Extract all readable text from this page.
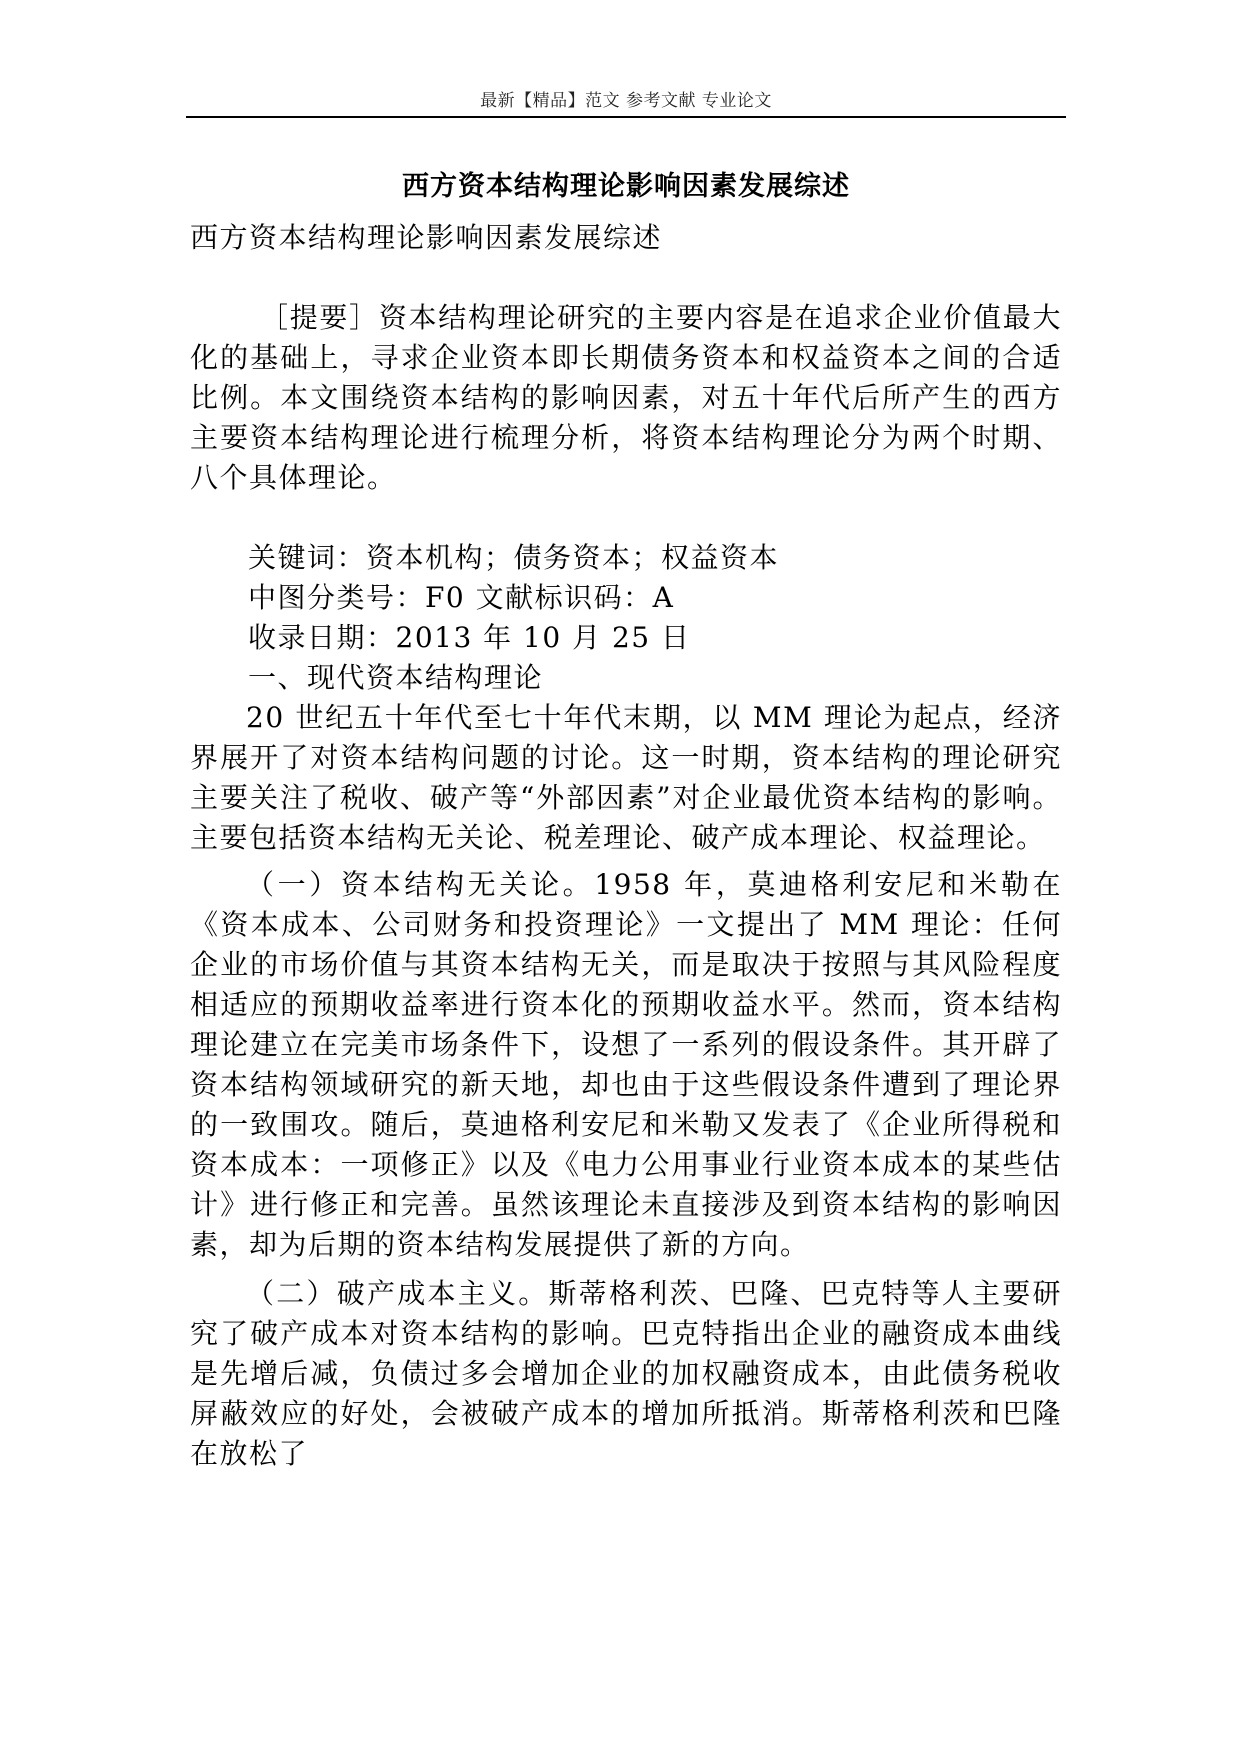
最新【精品】范文 参考文献 专业论文
西方资本结构理论影响因素发展综述

西方资本结构理论影响因素发展综述

［提要］资本结构理论研究的主要内容是在追求企业价值最大化的基础上，寻求企业资本即长期债务资本和权益资本之间的合适比例。本文围绕资本结构的影响因素，对五十年代后所产生的西方主要资本结构理论进行梳理分析，将资本结构理论分为两个时期、八个具体理论。

关键词：资本机构；债务资本；权益资本

中图分类号：F0 文献标识码：A

收录日期：2013 年 10 月 25 日

一、现代资本结构理论

20 世纪五十年代至七十年代末期，以 MM 理论为起点，经济界展开了对资本结构问题的讨论。这一时期，资本结构的理论研究主要关注了税收、破产等“外部因素”对企业最优资本结构的影响。主要包括资本结构无关论、税差理论、破产成本理论、权益理论。

（一）资本结构无关论。1958 年，莫迪格利安尼和米勒在《资本成本、公司财务和投资理论》一文提出了 MM 理论：任何企业的市场价值与其资本结构无关，而是取决于按照与其风险程度相适应的预期收益率进行资本化的预期收益水平。然而，资本结构理论建立在完美市场条件下，设想了一系列的假设条件。其开辟了资本结构领域研究的新天地，却也由于这些假设条件遭到了理论界的一致围攻。随后，莫迪格利安尼和米勒又发表了《企业所得税和资本成本：一项修正》以及《电力公用事业行业资本成本的某些估计》进行修正和完善。虽然该理论未直接涉及到资本结构的影响因素，却为后期的资本结构发展提供了新的方向。

（二）破产成本主义。斯蒂格利茨、巴隆、巴克特等人主要研究了破产成本对资本结构的影响。巴克特指出企业的融资成本曲线是先增后减，负债过多会增加企业的加权融资成本，由此债务税收屏蔽效应的好处，会被破产成本的增加所抵消。斯蒂格利茨和巴隆在放松了
